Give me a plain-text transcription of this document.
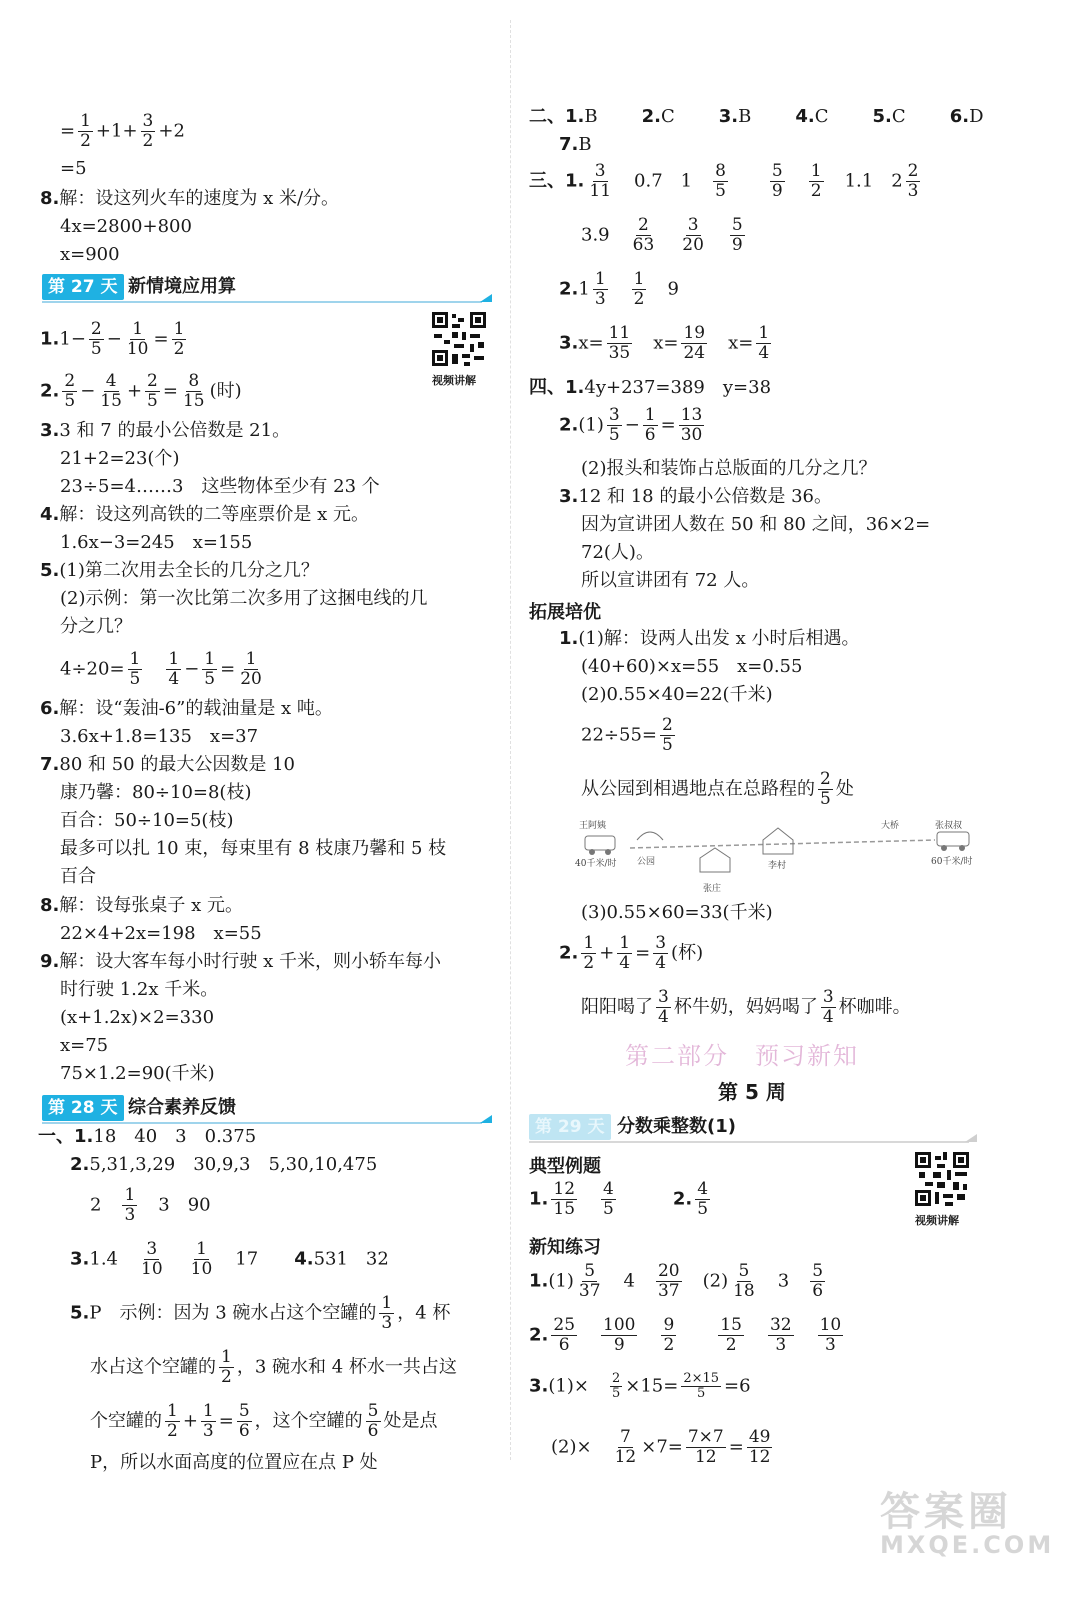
= $\frac{1}{2} +1+ \frac{3}{2} +2$
=5
8.解：设这列火车的速度为 x 米/分。
4x=2800+800
x=900
第 27 天 新情境应用算
视频讲解
$1.1- \frac{2}{5} - \frac{1}{10} = \frac{1}{2}$
2. $\frac{2}{5} - \frac{4}{15} + \frac{2}{5} = \frac{8}{15}$ (时)
3.3 和 7 的最小公倍数是 21。
21+2=23(个)
23÷5=4……3　这些物体至少有 23 个
4.解：设这列高铁的二等座票价是 x 元。
1.6x−3=245　x=155
5.(1)第二次用去全长的几分之几？
(2)示例：第一次比第二次多用了这捆电线的几
分之几？
$4\div 20= \frac{1}{5}$
　 $\frac{1}{4} - \frac{1}{5} = \frac{1}{20}$
6.解：设“轰油-6”的载油量是 x 吨。
3.6x+1.8=135　x=37
7.80 和 50 的最大公因数是 10
康乃馨：80÷10=8(枝)
百合：50÷10=5(枝)
最多可以扎 10 束，每束里有 8 枝康乃馨和 5 枝
百合
8.解：设每张桌子 x 元。
22×4+2x=198　x=55
9.解：设大客车每小时行驶 x 千米，则小轿车每小
时行驶 1.2x 千米。
(x+1.2x)×2=330
x=75
75×1.2=90(千米)
第 28 天 综合素养反馈
一、1.18　40　3　0.375
2.5,31,3,29　30,9,3　5,30,10,475
2　 $\frac{1}{3}$
　 3　90
3.1.4　 $\frac{3}{10}$
　 $\frac{1}{10}$
　 17　　 4.531　32
5.P　示例：因为 3 碗水占这个空罐的 $\frac{1}{3}$ ，4 杯
水占这个空罐的 $\frac{1}{2}$ ，3 碗水和 4 杯水一共占这
个空罐的 $\frac{1}{2} + \frac{1}{3} = \frac{5}{6}$ ，这个空罐的 $\frac{5}{6}$ 处是点
P，所以水面高度的位置应在点 P 处
二、1.B 2.C 3.B 4.C 5.C 6.D
7.B
三、1. $\frac{3}{11}$
　 0.7　1　 $\frac{8}{5}$
　　 $\frac{5}{9}$
　 $\frac{1}{2}$
　 1.1　$2 \frac{2}{3}$
3.9　 $\frac{2}{63}$
　 $\frac{3}{20}$
　 $\frac{5}{9}$
$2.1 \frac{1}{3}$
　 $\frac{1}{2}$
　 9
$3.x= \frac{11}{35}$
　 $x= \frac{19}{24}$
　 $x= \frac{1}{4}$
四、1.4y+237=389　y=38
$2.(1) \frac{3}{5} - \frac{1}{6} = \frac{13}{30}$
(2)报头和装饰占总版面的几分之几？
3.12 和 18 的最小公倍数是 36。
因为宣讲团人数在 50 和 80 之间，36×2=
72(人)。
所以宣讲团有 72 人。
拓展培优
1.(1)解：设两人出发 x 小时后相遇。
(40+60)×x=55　x=0.55
(2)0.55×40=22(千米)
$22\div 55= \frac{2}{5}$
从公园到相遇地点在总路程的 $\frac{2}{5}$ 处
王阿姨
40千米/时 公园
张庄
李村
大桥	张叔叔
60千米/时
(3)0.55×60=33(千米)
2. $\frac{1}{2} + \frac{1}{4} = \frac{3}{4}$ (杯)
阳阳喝了 $\frac{3}{4}$ 杯牛奶，妈妈喝了 $\frac{3}{4}$ 杯咖啡。
第二部分　预习新知
第 5 周
第 29 天 分数乘整数(1)
视频讲解
典型例题
1. $\frac{12}{15}$
　 $\frac{4}{5}$
　　　	2. $\frac{4}{5}$
新知练习
$1.(1) \frac{5}{37}$
　 4　 $\frac{20}{37}$
　 $(2) \frac{5}{18}$
　 3　 $\frac{5}{6}$
2. $\frac{25}{6}$
　 $\frac{100}{9}$
　 $\frac{9}{2}$
　　 $\frac{15}{2}$
　 $\frac{32}{3}$
　 $\frac{10}{3}$
3.(1)×　 $\frac{2}{5} \times 15= \frac{2\times 15}{5} =6$
(2)×　 $\frac{7}{12} \times 7= \frac{7\times 7}{12} = \frac{49}{12}$
答案圈
MXQE.COM
